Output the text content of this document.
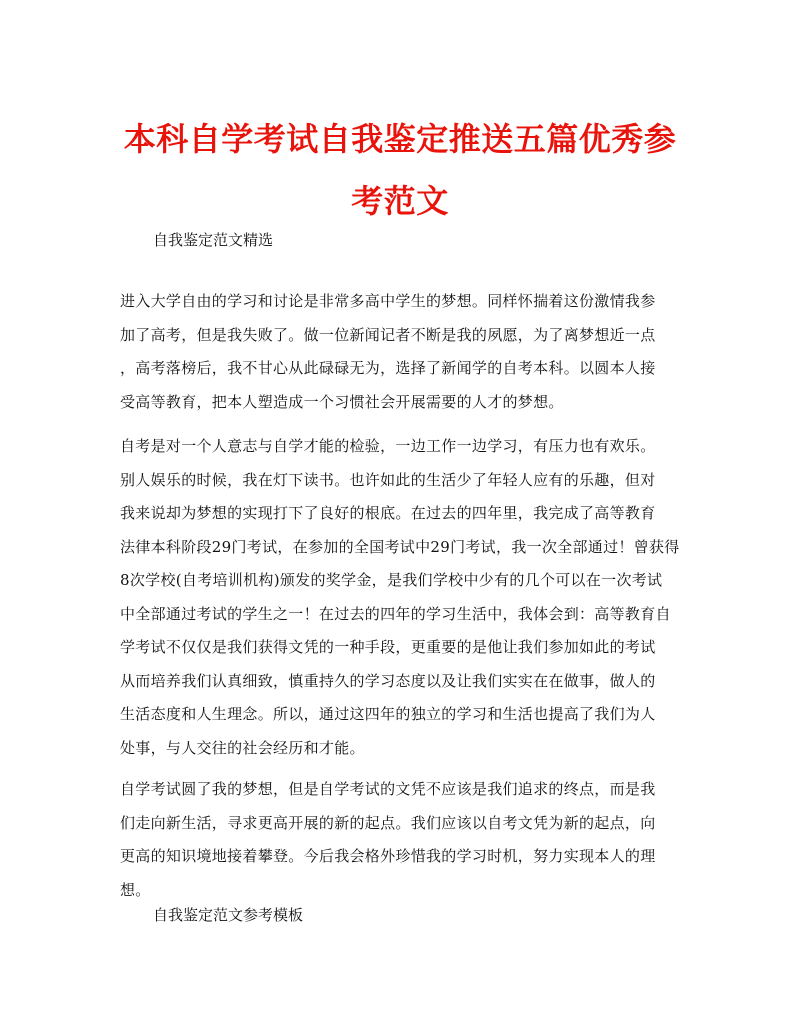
本科自学考试自我鉴定推送五篇优秀参考范文

自我鉴定范文精选

进入大学自由的学习和讨论是非常多高中学生的梦想。同样怀揣着这份激情我参
加了高考，但是我失败了。做一位新闻记者不断是我的夙愿，为了离梦想近一点
，高考落榜后，我不甘心从此碌碌无为，选择了新闻学的自考本科。以圆本人接
受高等教育，把本人塑造成一个习惯社会开展需要的人才的梦想。
自考是对一个人意志与自学才能的检验，一边工作一边学习，有压力也有欢乐。
别人娱乐的时候，我在灯下读书。也许如此的生活少了年轻人应有的乐趣，但对
我来说却为梦想的实现打下了良好的根底。在过去的四年里，我完成了高等教育
法律本科阶段29门考试，在参加的全国考试中29门考试，我一次全部通过！曾获得
8次学校(自考培训机构)颁发的奖学金，是我们学校中少有的几个可以在一次考试
中全部通过考试的学生之一！在过去的四年的学习生活中，我体会到：高等教育自
学考试不仅仅是我们获得文凭的一种手段，更重要的是他让我们参加如此的考试
从而培养我们认真细致，慎重持久的学习态度以及让我们实实在在做事，做人的
生活态度和人生理念。所以，通过这四年的独立的学习和生活也提高了我们为人
处事，与人交往的社会经历和才能。
自学考试圆了我的梦想，但是自学考试的文凭不应该是我们追求的终点，而是我
们走向新生活，寻求更高开展的新的起点。我们应该以自考文凭为新的起点，向
更高的知识境地接着攀登。今后我会格外珍惜我的学习时机，努力实现本人的理
想。

自我鉴定范文参考模板
